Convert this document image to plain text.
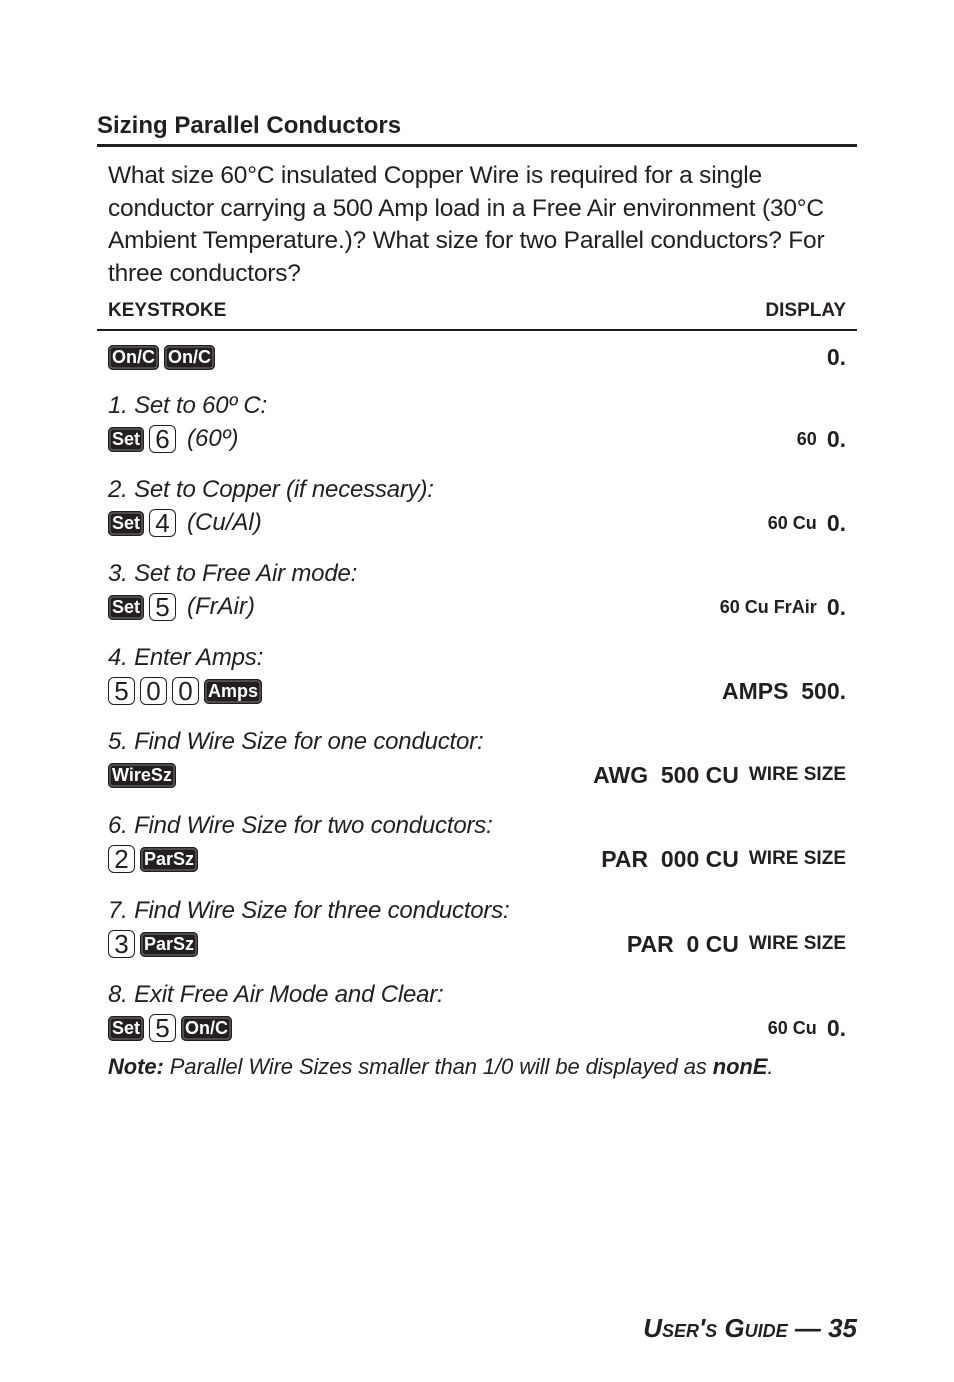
Sizing Parallel Conductors
What size 60°C insulated Copper Wire is required for a single conductor carrying a 500 Amp load in a Free Air environment (30°C Ambient Temperature.)? What size for two Parallel conductors? For three conductors?
KEYSTROKE	DISPLAY
On/C On/C	0.
1. Set to 60º C:
Set 6 (60º)	60 0.
2. Set to Copper (if necessary):
Set 4 (Cu/Al)	60 Cu 0.
3. Set to Free Air mode:
Set 5 (FrAir)	60 Cu FrAir 0.
4. Enter Amps:
5 0 0 Amps	AMPS  500.
5. Find Wire Size for one conductor:
WireSz	AWG  500 CU WIRE SIZE
6. Find Wire Size for two conductors:
2 ParSz	PAR  000 CU WIRE SIZE
7. Find Wire Size for three conductors:
3 ParSz	PAR  0 CU WIRE SIZE
8. Exit Free Air Mode and Clear:
Set 5 On/C	60 Cu 0.
Note: Parallel Wire Sizes smaller than 1/0 will be displayed as nonE.
User's Guide — 35
